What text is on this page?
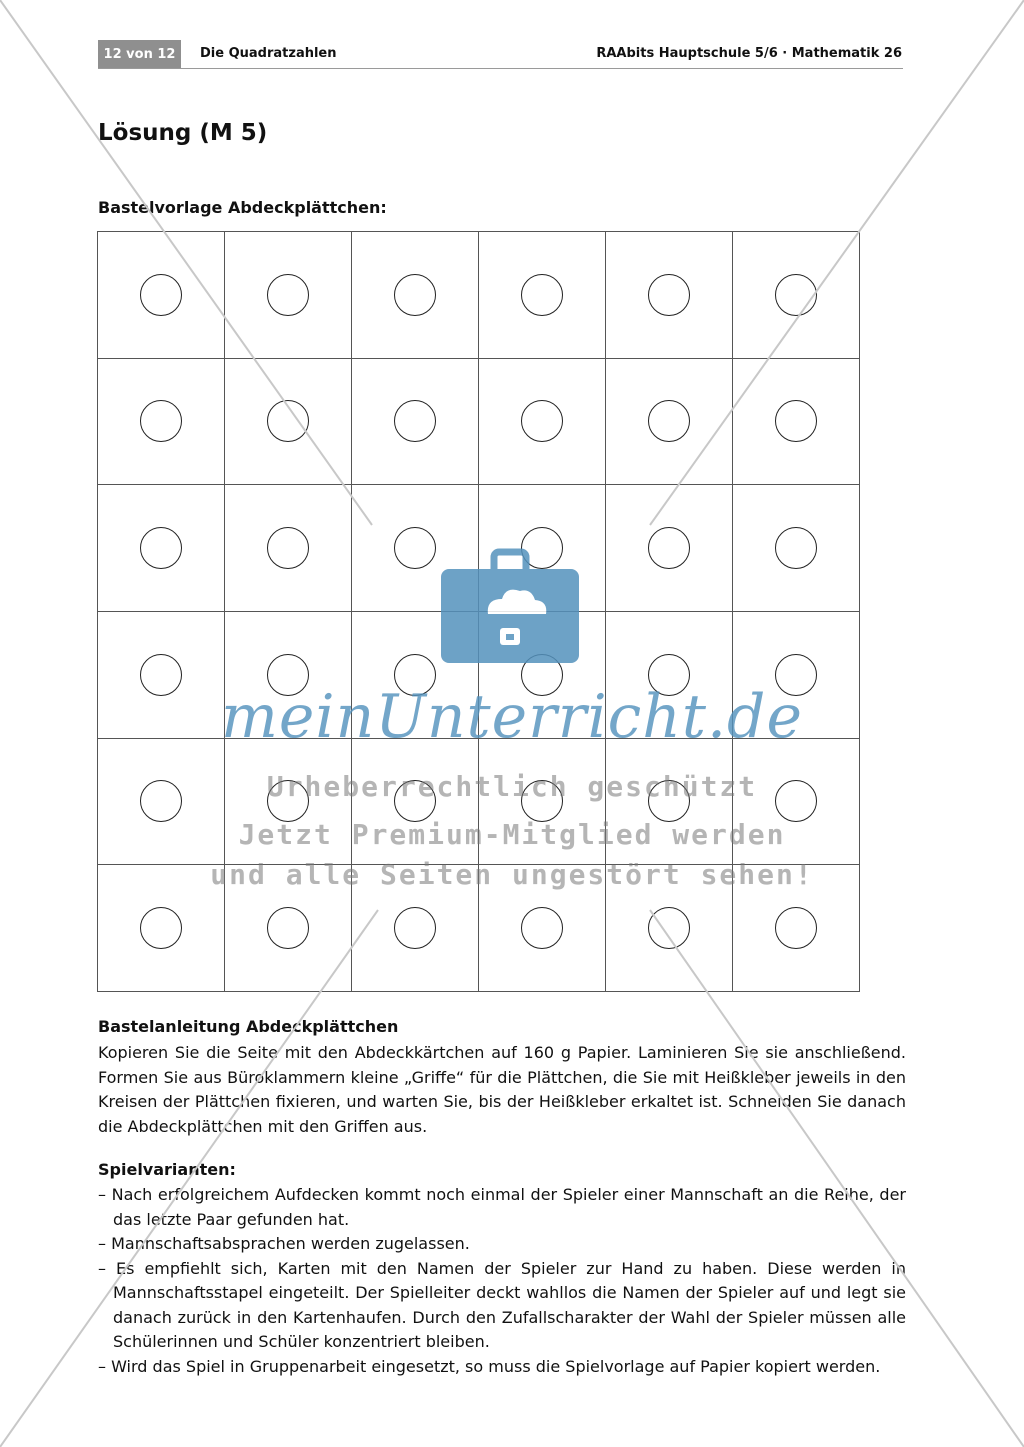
12 von 12	Die Quadratzahlen	RAAbits Hauptschule 5/6 · Mathematik 26
Lösung (M 5)
Bastelvorlage Abdeckplättchen:
Bastelanleitung Abdeckplättchen

Kopieren Sie die Seite mit den Abdeckkärtchen auf 160 g Papier. Laminieren Sie sie anschließend. Formen Sie aus Büroklammern kleine „Griffe“ für die Plättchen, die Sie mit Heißkleber jeweils in den Kreisen der Plättchen fixieren, und warten Sie, bis der Heißkleber erkaltet ist. Schneiden Sie danach die Abdeckplättchen mit den Griffen aus.

Spielvarianten:
– Nach erfolgreichem Aufdecken kommt noch einmal der Spieler einer Mannschaft an die Reihe, der das letzte Paar gefunden hat.
– Mannschaftsabsprachen werden zugelassen.
– Es empfiehlt sich, Karten mit den Namen der Spieler zur Hand zu haben. Diese werden in Mannschaftsstapel eingeteilt. Der Spielleiter deckt wahllos die Namen der Spieler auf und legt sie danach zurück in den Kartenhaufen. Durch den Zufallscharakter der Wahl der Spieler müssen alle Schülerinnen und Schüler konzentriert bleiben.
– Wird das Spiel in Gruppenarbeit eingesetzt, so muss die Spielvorlage auf Papier kopiert werden.
meinUnterricht.de
Urheberrechtlich geschützt
Jetzt Premium-Mitglied werden
und alle Seiten ungestört sehen!
